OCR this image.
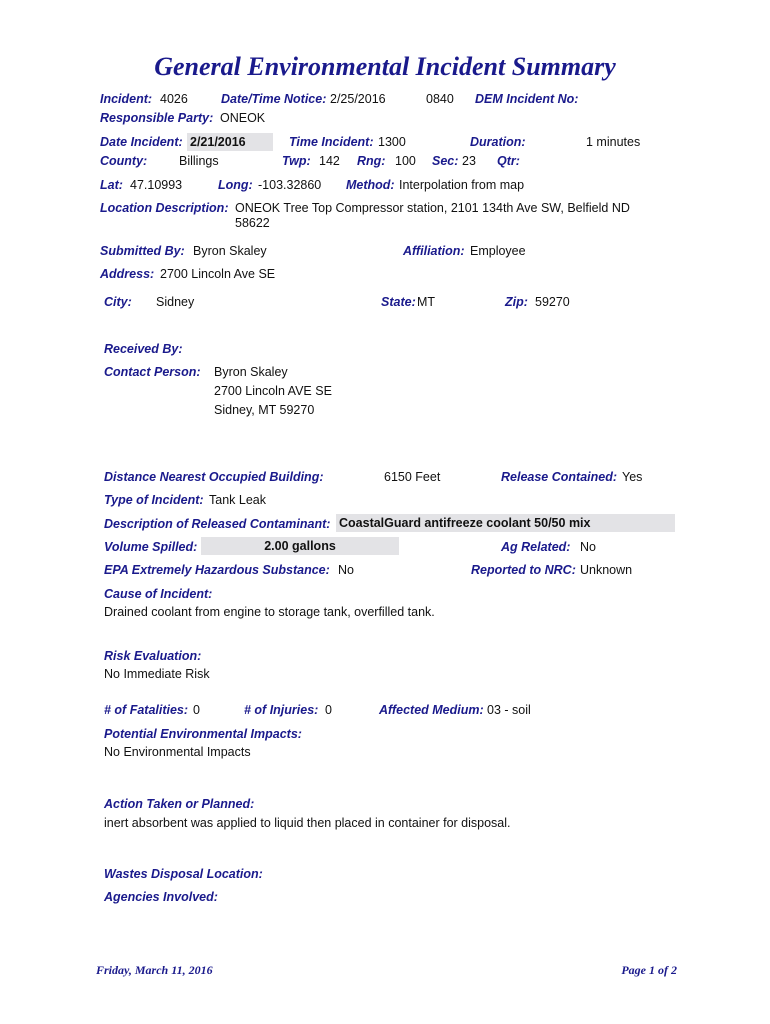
General Environmental Incident Summary
Incident: 4026	Date/Time Notice: 2/25/2016	0840 DEM Incident No:
Responsible Party: ONEOK
Date Incident: 2/21/2016	Time Incident: 1300	Duration:	1 minutes
County:	Billings	Twp: 142 Rng: 100 Sec: 23 Qtr:
Lat: 47.10993	Long: -103.32860 Method: Interpolation from map
Location Description: ONEOK Tree Top Compressor station, 2101 134th Ave SW, Belfield ND
58622
Submitted By: Byron Skaley	Affiliation: Employee
Address: 2700 Lincoln Ave SE
City: Sidney	State: MT	Zip: 59270
Received By:
Contact Person: Byron Skaley
2700 Lincoln AVE SE
Sidney, MT 59270
Distance Nearest Occupied Building:	6150 Feet	Release Contained: Yes
Type of Incident: Tank Leak
Description of Released Contaminant: CoastalGuard antifreeze coolant 50/50 mix
Volume Spilled:	2.00 gallons	Ag Related: No
EPA Extremely Hazardous Substance: No	Reported to NRC: Unknown
Cause of Incident:
Drained coolant from engine to storage tank, overfilled tank.
Risk Evaluation:
No Immediate Risk
# of Fatalities: 0	# of Injuries: 0	Affected Medium: 03 - soil
Potential Environmental Impacts:
No Environmental Impacts
Action Taken or Planned:
inert absorbent was applied to liquid then placed in container for disposal.
Wastes Disposal Location:
Agencies Involved:
Friday, March 11, 2016	Page 1 of 2
